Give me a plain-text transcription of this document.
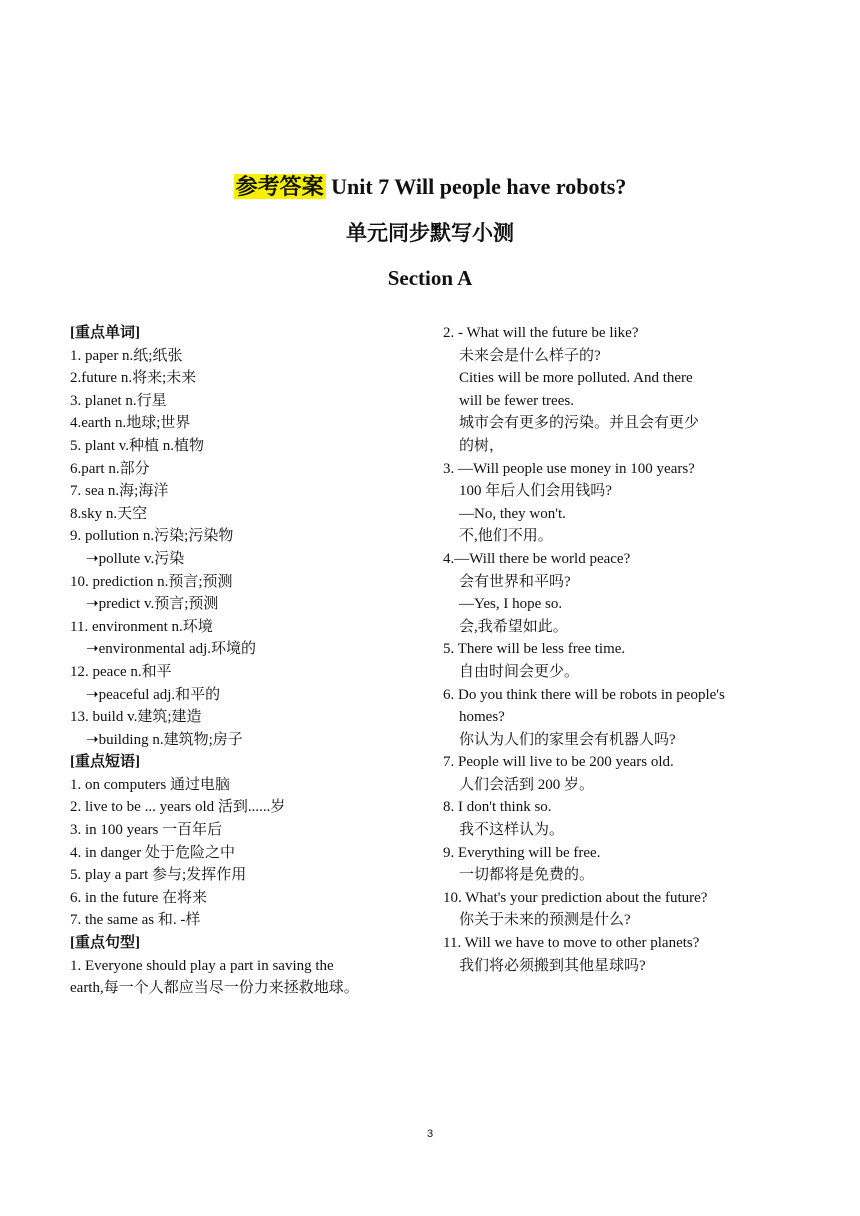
参考答案 Unit 7 Will people have robots?
单元同步默写小测
Section A
[重点单词]
1. paper n.纸;纸张
2.future n.将来;未来
3. planet n.行星
4.earth n.地球;世界
5. plant v.种植 n.植物
6.part n.部分
7. sea n.海;海洋
8.sky n.天空
9. pollution n.污染;污染物
➝pollute v.污染
10. prediction n.预言;预测
➝predict v.预言;预测
11. environment n.环境
➝environmental adj.环境的
12. peace n.和平
➝peaceful adj.和平的
13. build v.建筑;建造
➝building n.建筑物;房子
[重点短语]
1. on computers 通过电脑
2. live to be ... years old 活到......岁
3. in 100 years 一百年后
4. in danger 处于危险之中
5. play a part 参与;发挥作用
6. in the future 在将来
7. the same as 和. -样
[重点句型]
1. Everyone should play a part in saving the
earth,每一个人都应当尽一份力来拯救地球。
2. - What will the future be like?
未来会是什么样子的?
Cities will be more polluted. And there
will be fewer trees.
城市会有更多的污染。并且会有更少
的树，
3. —Will people use money in 100 years?
100 年后人们会用钱吗?
—No, they won't.
不,他们不用。
4.—Will there be world peace?
会有世界和平吗?
—Yes, I hope so.
会,我希望如此。
5. There will be less free time.
自由时间会更少。
6. Do you think there will be robots in people's
homes?
你认为人们的家里会有机器人吗?
7. People will live to be 200 years old.
人们会活到 200 岁。
8. I don't think so.
我不这样认为。
9. Everything will be free.
一切都将是免费的。
10. What's your prediction about the future?
你关于未来的预测是什么?
11. Will we have to move to other planets?
我们将必须搬到其他星球吗?
3
